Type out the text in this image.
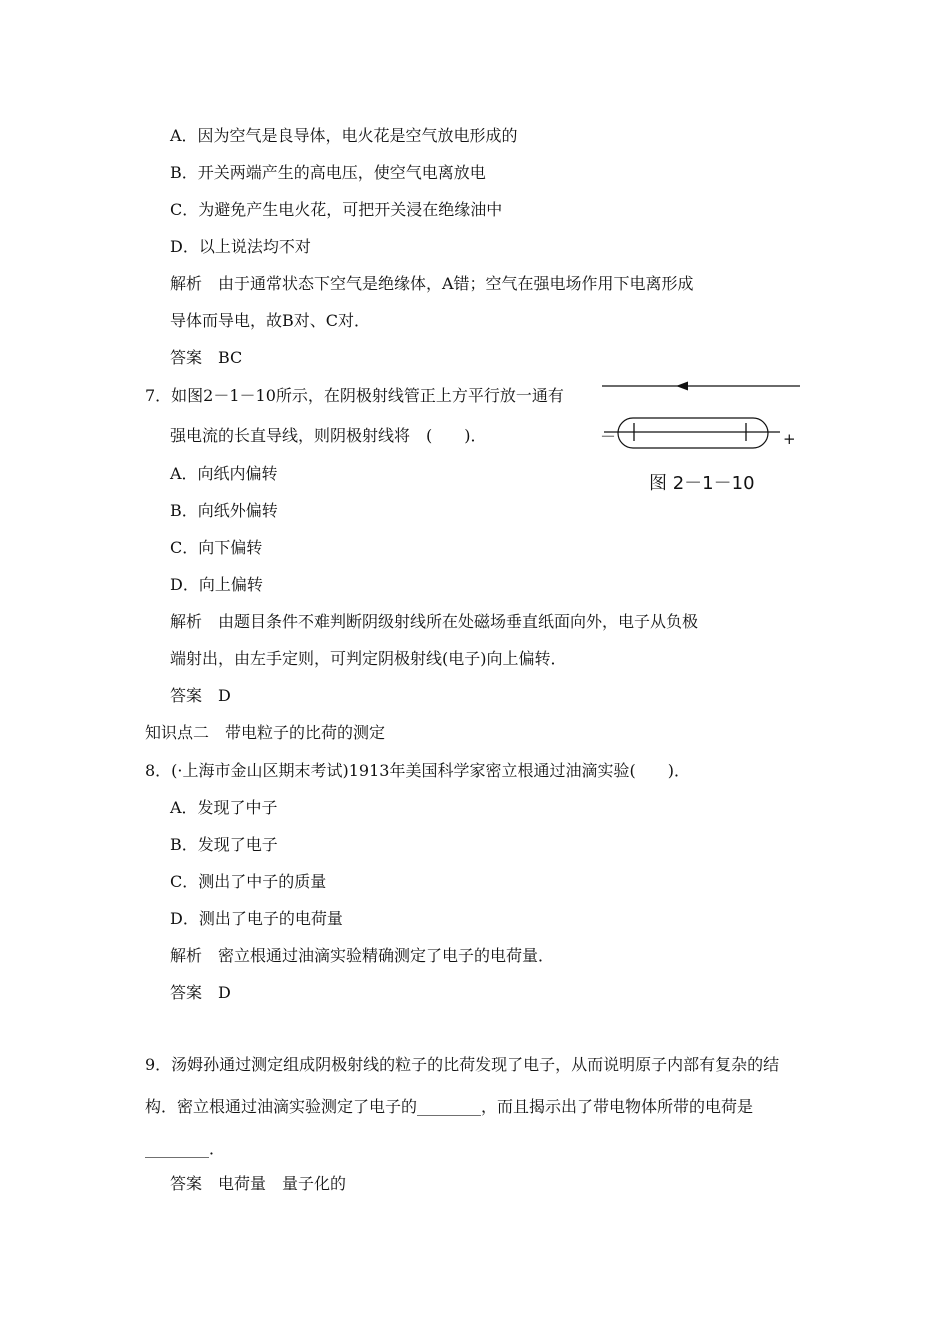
A．因为空气是良导体，电火花是空气放电形成的
B．开关两端产生的高电压，使空气电离放电
C．为避免产生电火花，可把开关浸在绝缘油中
D．以上说法均不对
解析　由于通常状态下空气是绝缘体，A错；空气在强电场作用下电离形成
导体而导电，故B对、C对．
答案　BC
7．如图2－1－10所示，在阴极射线管正上方平行放一通有
强电流的长直导线，则阴极射线将　(　　)．
A．向纸内偏转
B．向纸外偏转
C．向下偏转
D．向上偏转
解析　由题目条件不难判断阴级射线所在处磁场垂直纸面向外，电子从负极
端射出，由左手定则，可判定阴极射线(电子)向上偏转．
答案　D
－	+
图 2－1－10
知识点二　带电粒子的比荷的测定
8．(·上海市金山区期末考试)1913年美国科学家密立根通过油滴实验(　　)．
A．发现了中子
B．发现了电子
C．测出了中子的质量
D．测出了电子的电荷量
解析　密立根通过油滴实验精确测定了电子的电荷量．
答案　D
9．汤姆孙通过测定组成阴极射线的粒子的比荷发现了电子，从而说明原子内部有复杂的结
构．密立根通过油滴实验测定了电子的________，而且揭示出了带电物体所带的电荷是
________．
答案　电荷量　量子化的
